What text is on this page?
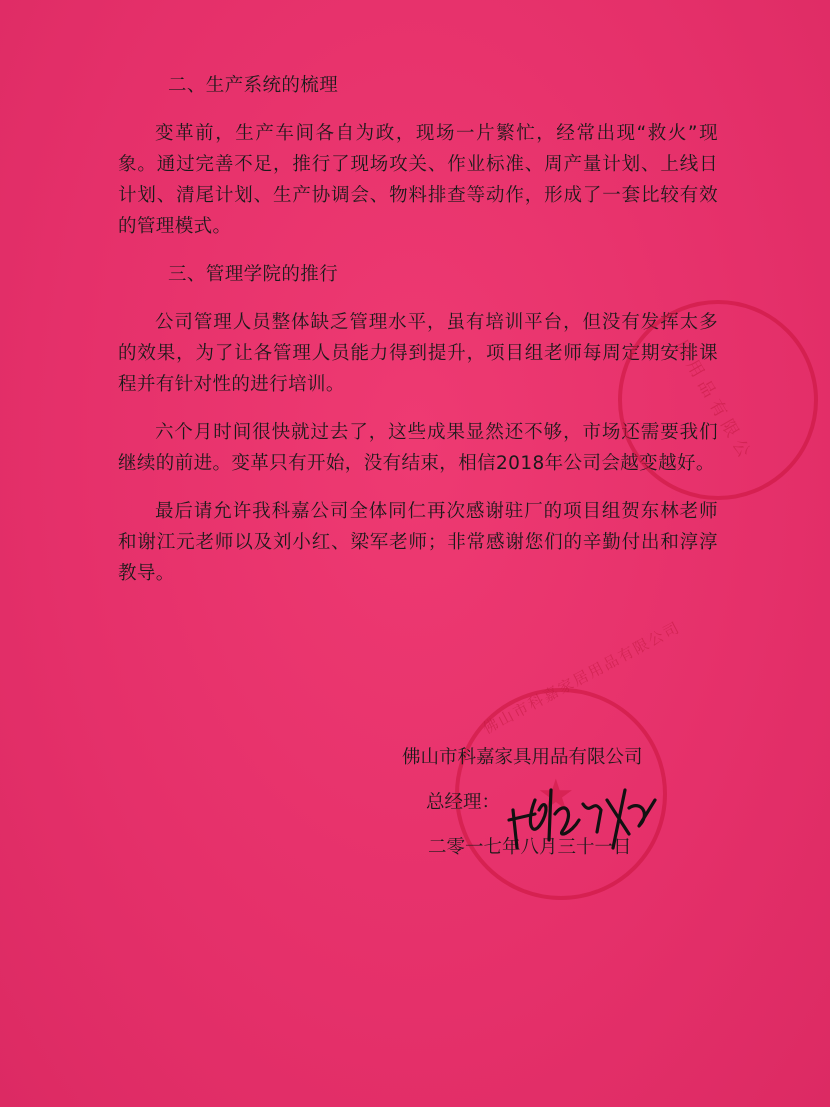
二、生产系统的梳理

变革前，生产车间各自为政，现场一片繁忙，经常出现“救火”现象。通过完善不足，推行了现场攻关、作业标准、周产量计划、上线日计划、清尾计划、生产协调会、物料排查等动作，形成了一套比较有效的管理模式。

三、管理学院的推行

公司管理人员整体缺乏管理水平，虽有培训平台，但没有发挥太多的效果，为了让各管理人员能力得到提升，项目组老师每周定期安排课程并有针对性的进行培训。

六个月时间很快就过去了，这些成果显然还不够，市场还需要我们继续的前进。变革只有开始，没有结束，相信2018年公司会越变越好。

最后请允许我科嘉公司全体同仁再次感谢驻厂的项目组贺东林老师和谢江元老师以及刘小红、梁军老师；非常感谢您们的辛勤付出和淳淳教导。

居用品有限公
★
佛山市科嘉家居用品有限公司
佛山市科嘉家具用品有限公司
总经理：
二零一七年八月三十一日
